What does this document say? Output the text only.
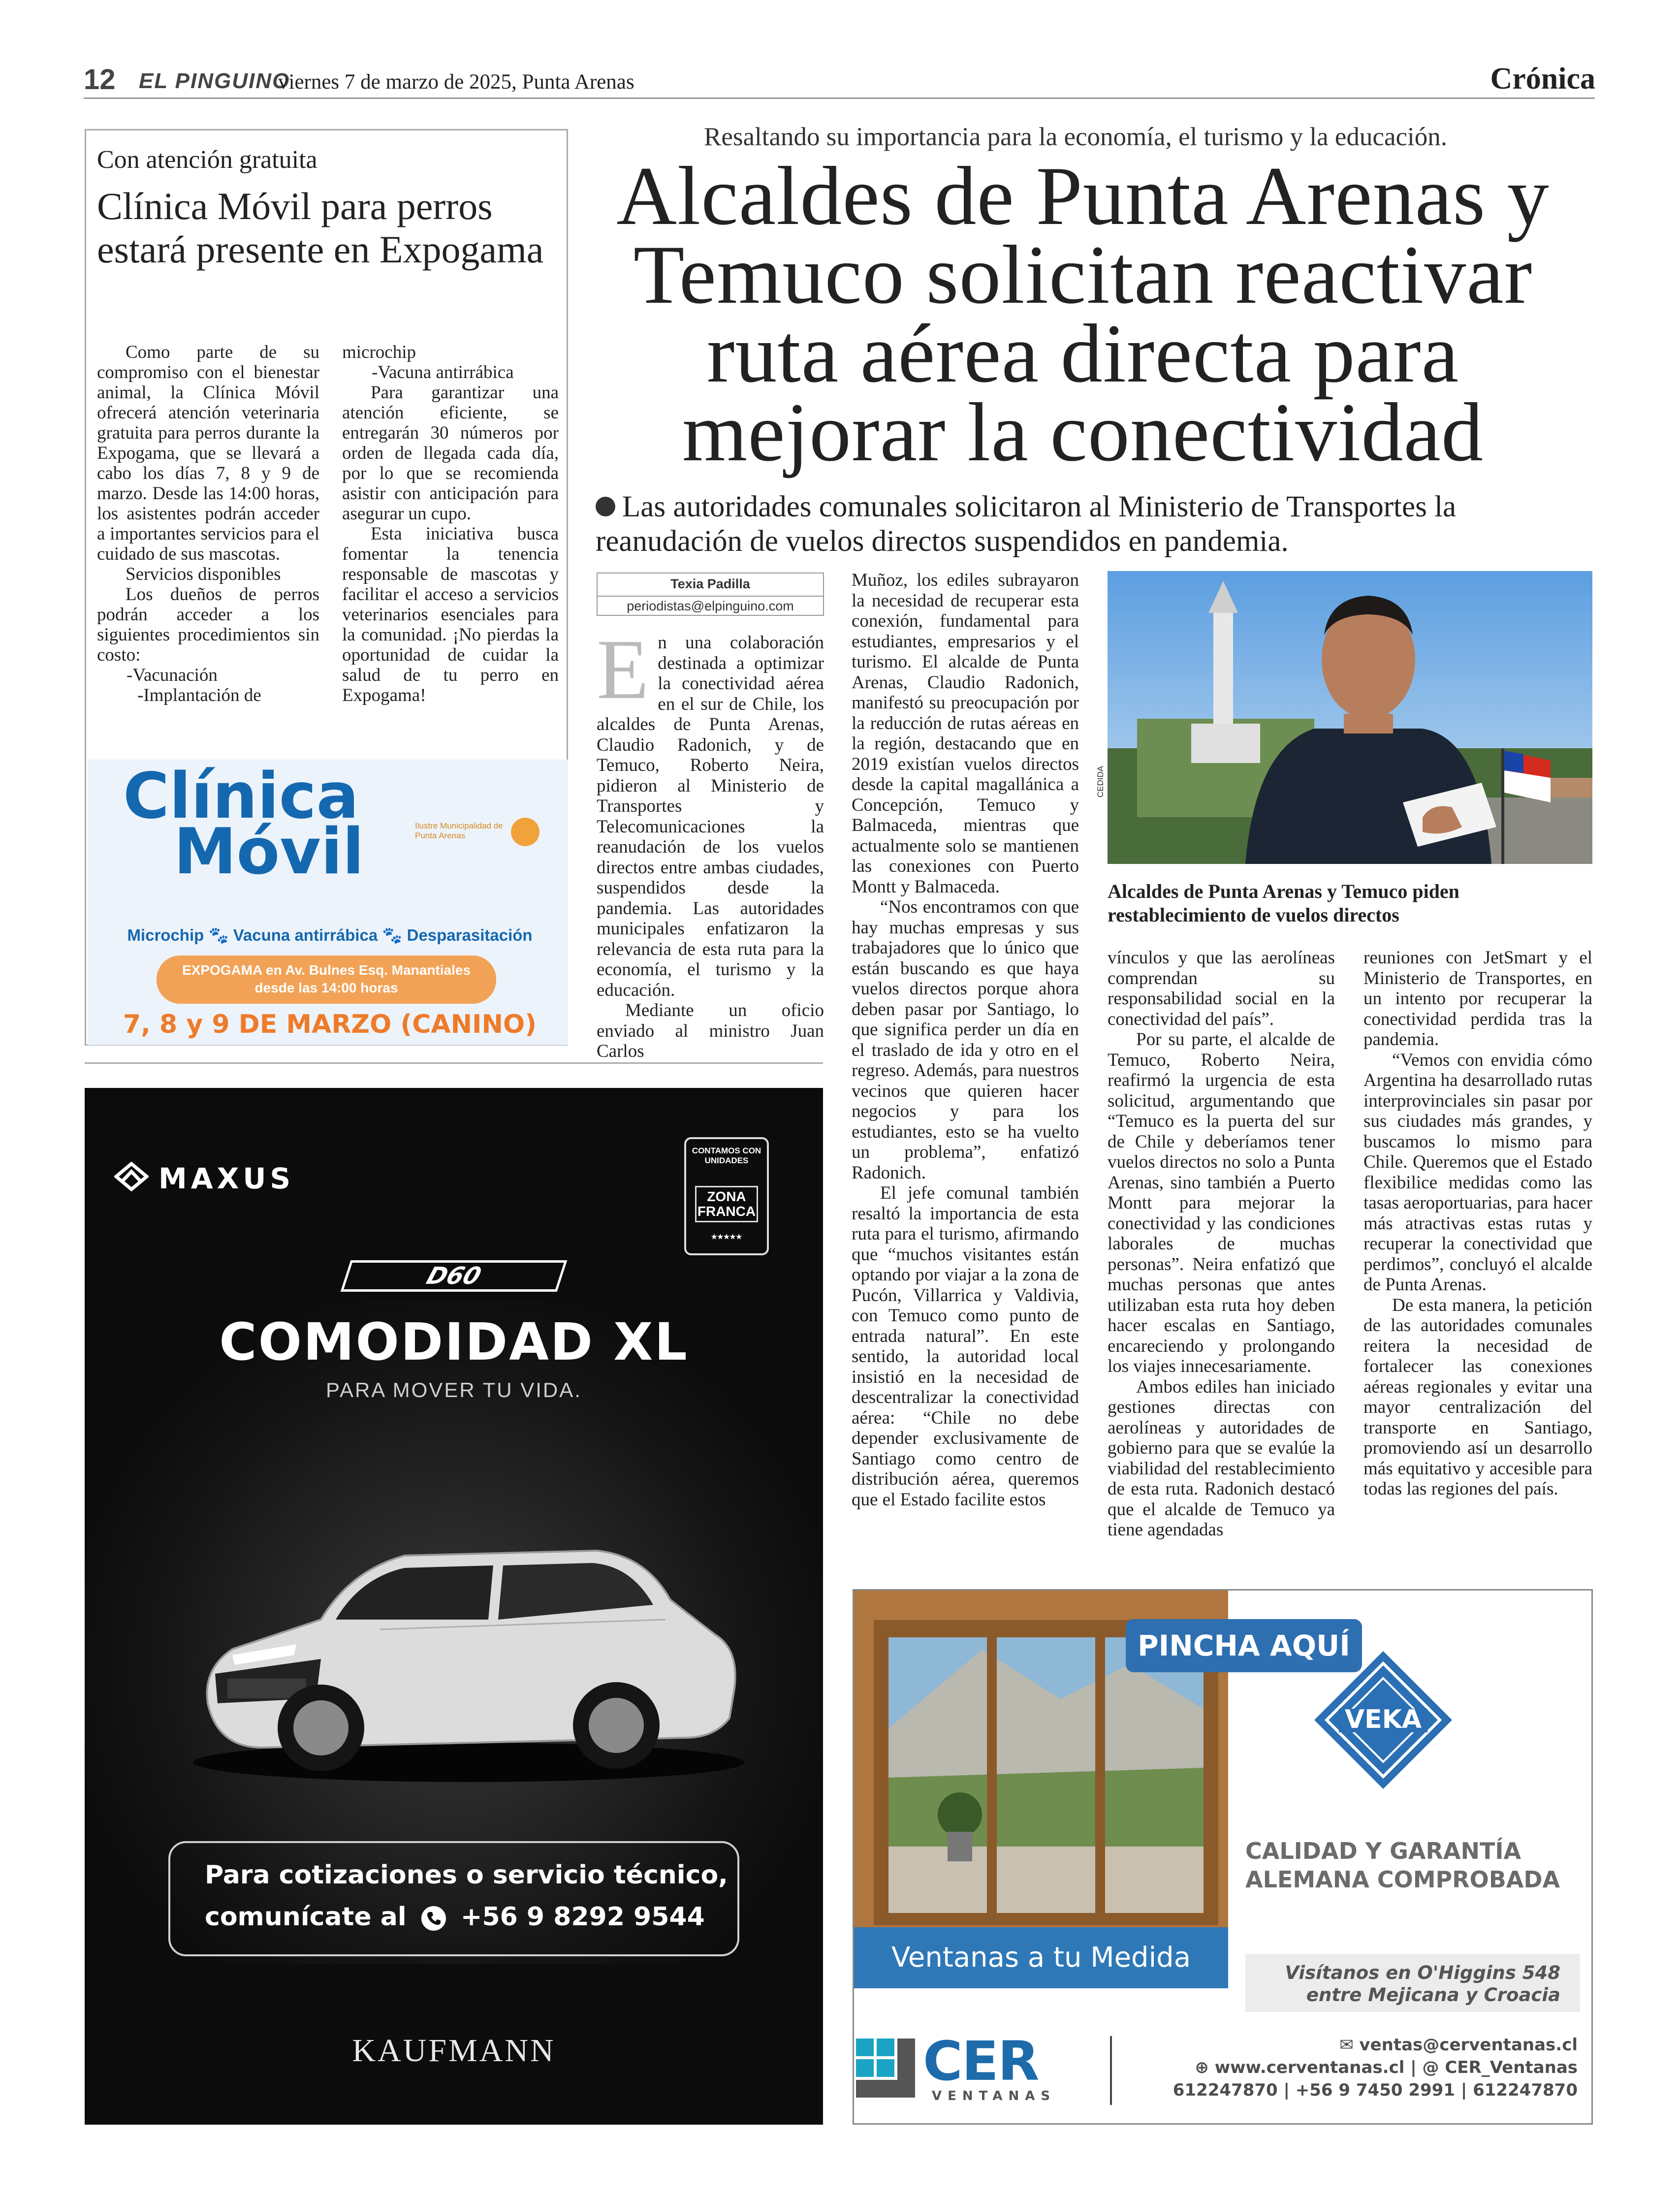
12 EL PINGUINO
viernes 7 de marzo de 2025, Punta Arenas	Crónica
Con atención gratuita
Clínica Móvil para perros estará presente en Expogama

Como parte de su compromiso con el bienestar animal, la Clínica Móvil ofrecerá atención veterinaria gratuita para perros durante la Expogama, que se llevará a cabo los días 7, 8 y 9 de marzo. Desde las 14:00 horas, los asistentes podrán acceder a importantes servicios para el cuidado de sus mascotas.

Servicios disponibles

Los dueños de perros podrán acceder a los siguientes procedimientos sin costo:

-Vacunación

-Implantación de

microchip

-Vacuna antirrábica

Para garantizar una atención eficiente, se entregarán 30 números por orden de llegada cada día, por lo que se recomienda asistir con anticipación para asegurar un cupo.

Esta iniciativa busca fomentar la tenencia responsable de mascotas y facilitar el acceso a servicios veterinarios esenciales para la comunidad. ¡No pierdas la oportunidad de cuidar la salud de tu perro en Expogama!

Clínica
Móvil	Ilustre Municipalidad de Punta Arenas
Microchip 🐾 Vacuna antirrábica 🐾 Desparasitación
EXPOGAMA en Av. Bulnes Esq. Manantiales
desde las 14:00 horas
7, 8 y 9 DE MARZO (CANINO)
MAXUS
CONTAMOS CON UNIDADES
ZONA FRANCA
★★★★★
D60
COMODIDAD XL
PARA MOVER TU VIDA.
Para cotizaciones o servicio técnico,
comunícate al +56 9 8292 9544
KAUFMANN
Resaltando su importancia para la economía, el turismo y la educación.
Alcaldes de Punta Arenas y Temuco solicitan reactivar ruta aérea directa para mejorar la conectividad
Las autoridades comunales solicitaron al Ministerio de Transportes la reanudación de vuelos directos suspendidos en pandemia.
Texia Padilla
periodistas@elpinguino.com

En una colaboración destinada a optimizar la conectividad aérea en el sur de Chile, los alcaldes de Punta Arenas, Claudio Radonich, y de Temuco, Roberto Neira, pidieron al Ministerio de Transportes y Telecomunicaciones la reanudación de los vuelos directos entre ambas ciudades, suspendidos desde la pandemia. Las autoridades municipales enfatizaron la relevancia de esta ruta para la economía, el turismo y la educación.

Mediante un oficio enviado al ministro Juan Carlos

Muñoz, los ediles subrayaron la necesidad de recuperar esta conexión, fundamental para estudiantes, empresarios y el turismo. El alcalde de Punta Arenas, Claudio Radonich, manifestó su preocupación por la reducción de rutas aéreas en la región, destacando que en 2019 existían vuelos directos desde la capital magallánica a Concepción, Temuco y Balmaceda, mientras que actualmente solo se mantienen las conexiones con Puerto Montt y Balmaceda.

“Nos encontramos con que hay muchas empresas y sus trabajadores que lo único que están buscando es que haya vuelos directos porque ahora deben pasar por Santiago, lo que significa perder un día en el traslado de ida y otro en el regreso. Además, para nuestros vecinos que quieren hacer negocios y para los estudiantes, esto se ha vuelto un problema”, enfatizó Radonich.

El jefe comunal también resaltó la importancia de esta ruta para el turismo, afirmando que “muchos visitantes están optando por viajar a la zona de Pucón, Villarrica y Valdivia, con Temuco como punto de entrada natural”. En este sentido, la autoridad local insistió en la necesidad de descentralizar la conectividad aérea: “Chile no debe depender exclusivamente de Santiago como centro de distribución aérea, queremos que el Estado facilite estos

vínculos y que las aerolíneas comprendan su responsabilidad social en la conectividad del país”.

Por su parte, el alcalde de Temuco, Roberto Neira, reafirmó la urgencia de esta solicitud, argumentando que “Temuco es la puerta del sur de Chile y deberíamos tener vuelos directos no solo a Punta Arenas, sino también a Puerto Montt para mejorar la conectividad y las condiciones laborales de muchas personas”. Neira enfatizó que muchas personas que antes utilizaban esta ruta hoy deben hacer escalas en Santiago, encareciendo y prolongando los viajes innecesariamente.

Ambos ediles han iniciado gestiones directas con aerolíneas y autoridades de gobierno para que se evalúe la viabilidad del restablecimiento de esta ruta. Radonich destacó que el alcalde de Temuco ya tiene agendadas

reuniones con JetSmart y el Ministerio de Transportes, en un intento por recuperar la conectividad perdida tras la pandemia.

“Vemos con envidia cómo Argentina ha desarrollado rutas interprovinciales sin pasar por sus ciudades más grandes, y buscamos lo mismo para Chile. Queremos que el Estado flexibilice medidas como las tasas aeroportuarias, para hacer más atractivas estas rutas y recuperar la conectividad que perdimos”, concluyó el alcalde de Punta Arenas.

De esta manera, la petición de las autoridades comunales reitera la necesidad de fortalecer las conexiones aéreas regionales y evitar una mayor centralización del transporte en Santiago, promoviendo así un desarrollo más equitativo y accesible para todas las regiones del país.

CEDIDA
Alcaldes de Punta Arenas y Temuco piden restablecimiento de vuelos directos
PINCHA AQUÍ
VEKA
CALIDAD Y GARANTÍA
ALEMANA COMPROBADA
Ventanas a tu Medida	Visítanos en O'Higgins 548
entre Mejicana y Croacia
CER
VENTANAS
✉ ventas@cerventanas.cl
⊕ www.cerventanas.cl | @ CER_Ventanas
612247870 | +56 9 7450 2991 | 612247870
